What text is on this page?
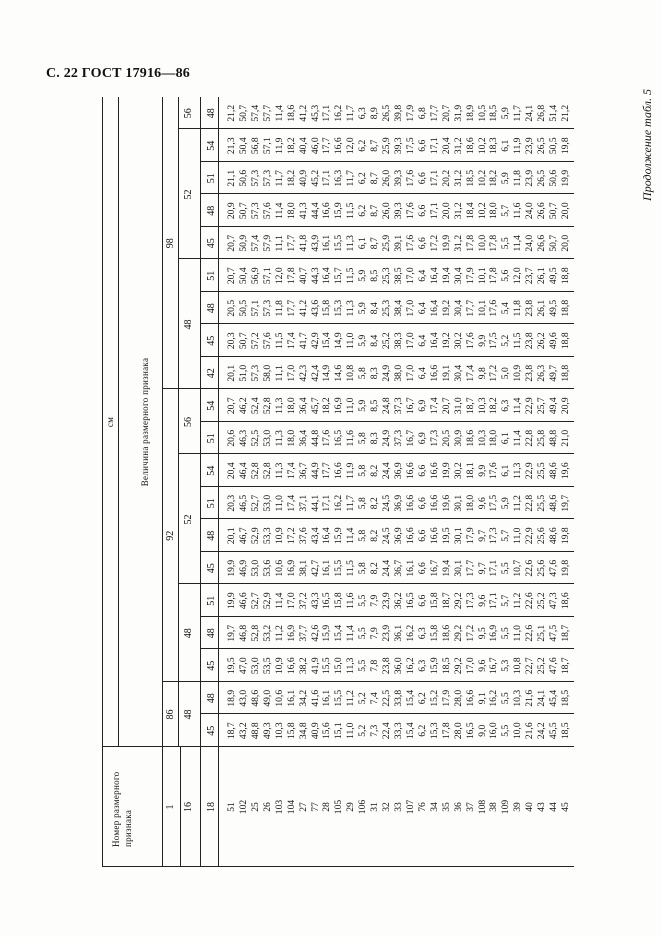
С. 22 ГОСТ 17916—86
Продолжение табл. 5
см	Величина размерного признака
Номер размерного признака
1 16 18
86 48
45 18,7 43,2 48,8 49,3 10,3 15,8 34,8 40,9 15,6 15,1 11,0 5,2 7,3 22,4 33,3 15,4 6,2 15,3 17,8 28,0 16,5 9,0 16,0 5,5 10,0 21,6 24,2 45,5 18,5
48 18,9 43,0 48,6 49,0 10,6 16,1 34,2 41,6 16,1 15,5 11,2 5,2 7,4 22,5 33,8 15,4 6,2 15,2 17,9 28,0 16,6 9,1 16,2 5,5 10,3 21,6 24,1 45,4 18,5
92
48
45 19,5 47,0 53,0 53,5 10,9 16,6 38,2 41,9 15,5 15,0 11,3 5,5 7,8 23,8 36,0 16,2 6,3 15,9 18,5 29,2 17,0 9,6 16,7 5,3 10,8 22,7 25,2 47,6 18,7
48 19,7 46,8 52,8 53,2 11,2 16,9 37,7 42,6 15,9 15,4 11,4 5,5 7,9 23,9 36,1 16,2 6,3 15,8 18,6 29,2 17,2 9,5 16,9 5,5 11,0 22,6 25,1 47,5 18,7
51 19,9 46,6 52,7 52,9 11,4 17,0 37,2 43,3 16,5 15,8 11,6 5,5 7,9 23,9 36,2 16,5 6,6 15,8 18,7 29,2 17,3 9,6 17,1 5,7 11,2 22,6 25,2 47,3 18,6
52
45 19,9 46,9 53,0 53,6 10,6 16,9 38,1 42,7 16,1 15,5 11,5 5,8 8,2 24,4 36,7 16,1 6,6 16,7 19,4 30,1 17,7 9,7 17,1 5,5 10,7 22,6 25,6 47,6 19,8
48 20,1 46,7 52,9 53,3 10,9 17,2 37,6 43,4 16,4 15,9 11,4 5,8 8,2 24,5 36,9 16,6 6,6 16,6 19,5 30,1 17,9 9,7 17,3 5,7 11,0 22,9 25,6 48,6 19,8
51 20,3 46,5 52,7 53,0 11,0 17,4 37,1 44,1 17,1 16,2 11,7 5,8 8,2 24,5 36,9 16,6 6,6 16,6 19,6 30,1 18,0 9,6 17,5 5,9 11,2 22,8 25,5 48,6 19,7
54 20,4 46,4 52,8 52,8 11,3 17,4 36,7 44,9 17,7 16,6 11,9 5,8 8,2 24,4 36,9 16,6 6,6 16,6 19,9 30,2 18,1 9,9 17,6 6,1 11,3 22,9 25,5 48,6 19,6
56
51 20,6 46,3 52,5 53,0 11,3 18,0 36,4 44,8 17,6 16,5 11,6 5,8 8,3 24,9 37,3 16,7 6,9 17,3 20,5 30,9 18,6 10,3 18,0 6,1 11,4 22,8 25,8 48,8 21,0
54 20,7 46,2 52,4 52,8 11,3 18,0 36,4 45,7 18,2 16,9 11,0 5,9 8,5 24,8 37,3 16,7 6,9 17,4 20,7 31,0 18,7 10,3 18,2 6,3 11,4 22,9 25,7 49,4 20,9
98
48
42 20,1 51,0 57,3 58,0 11,1 17,0 42,3 42,4 14,9 14,6 10,8 5,8 8,3 24,9 38,0 17,0 6,4 16,6 19,1 30,4 17,4 9,8 17,2 5,0 10,9 23,8 26,3 49,7 18,8
45 20,3 50,7 57,2 57,6 11,5 17,4 41,7 42,9 15,4 14,9 11,0 5,9 8,4 25,2 38,3 17,0 6,4 16,4 19,2 30,2 17,6 9,9 17,5 5,2 11,5 23,8 26,2 49,6 18,8
48 20,5 50,5 57,1 57,3 11,8 17,7 41,2 43,6 15,8 15,3 11,3 5,9 8,4 25,3 38,4 17,0 6,4 16,4 19,2 30,4 17,7 10,1 17,6 5,4 11,8 23,8 26,1 49,5 18,8
51 20,7 50,4 56,9 57,1 12,0 17,8 40,7 44,3 16,4 15,7 11,5 5,9 8,5 25,3 38,5 17,0 6,4 16,4 19,4 30,4 17,9 10,1 17,8 5,6 12,0 23,7 26,1 49,5 18,8
52
45 20,7 50,9 57,4 57,9 11,1 17,7 41,8 43,9 16,1 15,5 11,3 6,1 8,7 25,9 39,1 17,6 6,6 17,2 19,9 31,2 17,8 10,0 17,8 5,5 11,4 24,0 26,6 50,7 20,0
48 20,9 50,7 57,3 57,6 11,4 18,0 41,3 44,4 16,6 15,9 11,5 6,2 8,7 26,0 39,3 17,6 6,6 17,1 20,0 31,2 18,4 10,2 18,0 5,7 11,6 24,0 26,6 50,7 20,0
51 21,1 50,6 57,3 57,3 11,7 18,2 40,9 45,2 17,1 16,3 11,7 6,2 8,7 26,0 39,3 17,6 6,6 17,1 20,2 31,2 18,5 10,2 18,2 5,9 11,8 23,9 26,5 50,6 19,9
54 21,3 50,4 56,8 57,1 11,9 18,2 40,4 46,0 17,7 16,6 12,0 6,2 8,7 25,9 39,3 17,5 6,6 17,1 20,4 31,2 18,6 10,2 18,3 6,1 11,9 23,9 26,5 50,5 19,8
56 48 21,2 50,7 57,4 57,7 11,4 18,6 41,2 45,3 17,1 16,2 11,7 6,3 8,9 26,5 39,8 17,9 6,8 17,7 20,7 31,9 18,9 10,5 18,5 5,9 11,7 24,1 26,8 51,4 21,2
51 102 25 26 103 104 27 77 28 105 29 106 31 32 33 107 76 34 35 36 37 108 38 109 39 40 43 44 45
